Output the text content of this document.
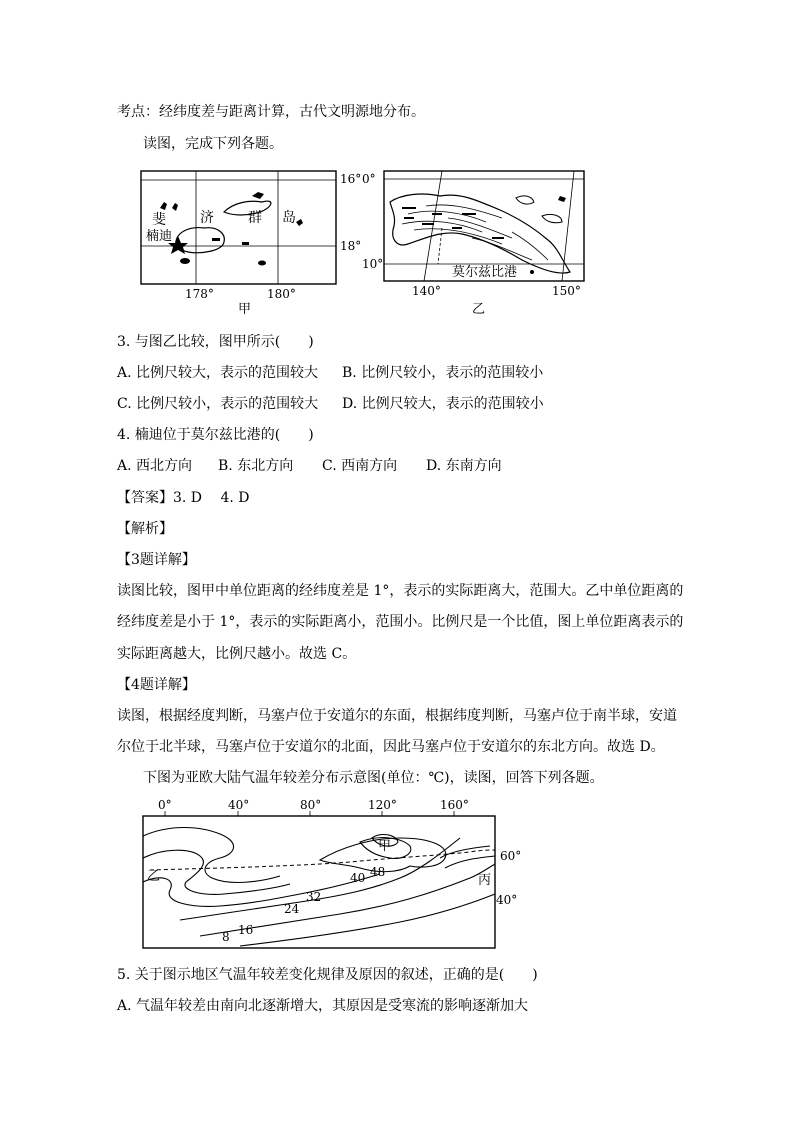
考点：经纬度差与距离计算，古代文明源地分布。
读图，完成下列各题。
16°
18°
178°	180°
斐 济 群 岛
楠迪
甲
0°
10°
140°	150°
莫尔兹比港
乙
3. 与图乙比较，图甲所示(　　)
A. 比例尺较大，表示的范围较大 B. 比例尺较小，表示的范围较小
C. 比例尺较小，表示的范围较大 D. 比例尺较大，表示的范围较小
4. 楠迪位于莫尔兹比港的(　　)
A. 西北方向 B. 东北方向 C. 西南方向 D. 东南方向
【答案】3. D　 4. D
【解析】
【3题详解】
读图比较，图甲中单位距离的经纬度差是 1°，表示的实际距离大，范围大。乙中单位距离的
经纬度差是小于 1°，表示的实际距离小，范围小。比例尺是一个比值，图上单位距离表示的
实际距离越大，比例尺越小。故选 C。
【4题详解】
读图，根据经度判断，马塞卢位于安道尔的东面，根据纬度判断，马塞卢位于南半球，安道
尔位于北半球，马塞卢位于安道尔的北面，因此马塞卢位于安道尔的东北方向。故选 D。
下图为亚欧大陆气温年较差分布示意图(单位：℃)，读图，回答下列各题。
0°	40°	80°	120°	160°
60°
40°
8 16
24
32
40 48
甲
乙	丙
5. 关于图示地区气温年较差变化规律及原因的叙述，正确的是(　　)
A. 气温年较差由南向北逐渐增大，其原因是受寒流的影响逐渐加大
